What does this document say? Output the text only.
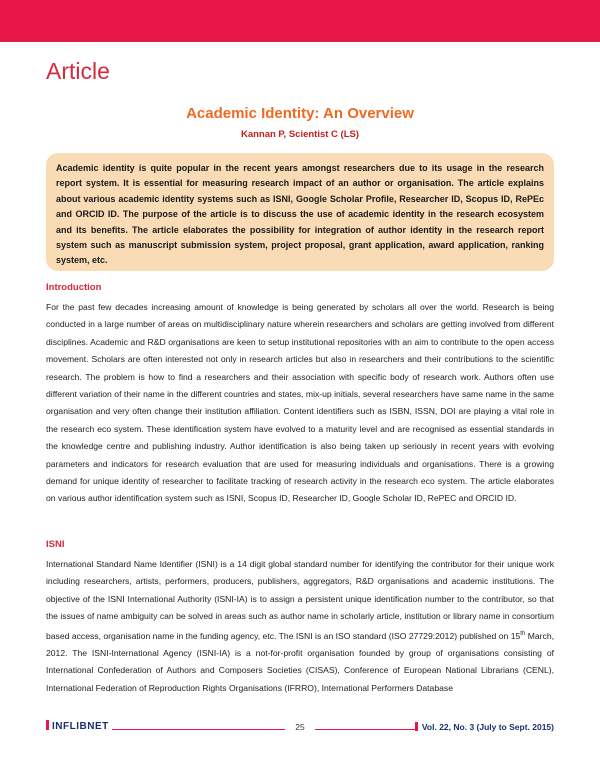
Article
Academic Identity: An Overview
Kannan P, Scientist C (LS)
Academic identity is quite popular in the recent years amongst researchers due to its usage in the research report system. It is essential for measuring research impact of an author or organisation. The article explains about various academic identity systems such as ISNI, Google Scholar Profile, Researcher ID, Scopus ID, RePEc and ORCID ID. The purpose of the article is to discuss the use of academic identity in the research ecosystem and its benefits. The article elaborates the possibility for integration of author identity in the research report system such as manuscript submission system, project proposal, grant application, award application, ranking system, etc.
Introduction
For the past few decades increasing amount of knowledge is being generated by scholars all over the world. Research is being conducted in a large number of areas on multidisciplinary nature wherein researchers and scholars are getting involved from different disciplines. Academic and R&D organisations are keen to setup institutional repositories with an aim to contribute to the open access movement. Scholars are often interested not only in research articles but also in researchers and their contributions to the scientific research. The problem is how to find a researchers and their association with specific body of research work. Authors often use different variation of their name in the different countries and states, mix-up initials, several researchers have same name in the same organisation and very often change their institution affiliation. Content identifiers such as ISBN, ISSN, DOI are playing a vital role in the research eco system. These identification system have evolved to a maturity level and are recognised as essential standards in the knowledge centre and publishing industry. Author identification is also being taken up seriously in recent years with evolving parameters and indicators for research evaluation that are used for measuring individuals and organisations. There is a growing demand for unique identity of researcher to facilitate tracking of research activity in the research eco system. The article elaborates on various author identification system such as ISNI, Scopus ID, Researcher ID, Google Scholar ID, RePEC and ORCID ID.
ISNI
International Standard Name Identifier (ISNI) is a 14 digit global standard number for identifying the contributor for their unique work including researchers, artists, performers, producers, publishers, aggregators, R&D organisations and academic institutions. The objective of the ISNI International Authority (ISNI-IA) is to assign a persistent unique identification number to the contributor, so that the issues of name ambiguity can be solved in areas such as author name in scholarly article, institution or library name in consortium based access, organisation name in the funding agency, etc. The ISNI is an ISO standard (ISO 27729:2012) published on 15th March, 2012. The ISNI-International Agency (ISNI-IA) is a not-for-profit organisation founded by group of organisations consisting of International Confederation of Authors and Composers Societies (CISAS), Conference of European National Librarians (CENL), International Federation of Reproduction Rights Organisations (IFRRO), International Performers Database
INFLIBNET	25	Vol. 22, No. 3 (July to Sept. 2015)
